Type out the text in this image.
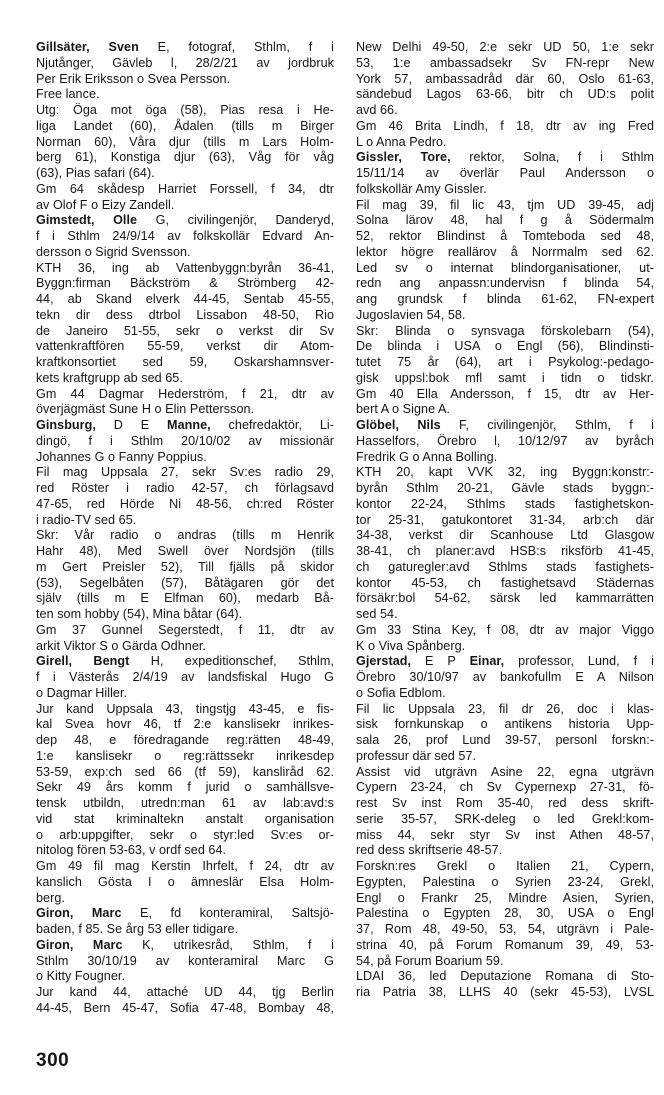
Gillsäter, Sven E, fotograf, Sthlm, f i
Njutånger, Gävleb l, 28/2/21 av jordbruk
Per Erik Eriksson o Svea Persson.
Free lance.
Utg: Öga mot öga (58), Pias resa i He-
liga Landet (60), Ådalen (tills m Birger
Norman 60), Våra djur (tills m Lars Holm-
berg 61), Konstiga djur (63), Våg för våg
(63), Pias safari (64).
Gm 64 skådesp Harriet Forssell, f 34, dtr
av Olof F o Eizy Zandell.
Gimstedt, Olle G, civilingenjör, Danderyd,
f i Sthlm 24/9/14 av folkskollär Edvard An-
dersson o Sigrid Svensson.
KTH 36, ing ab Vattenbyggn:byrån 36-41,
Byggn:firman Bäckström & Strömberg 42-
44, ab Skand elverk 44-45, Sentab 45-55,
tekn dir dess dtrbol Lissabon 48-50, Rio
de Janeiro 51-55, sekr o verkst dir Sv
vattenkraftfören 55-59, verkst dir Atom-
kraftkonsortiet sed 59, Oskarshamnsver-
kets kraftgrupp ab sed 65.
Gm 44 Dagmar Hederström, f 21, dtr av
överjägmäst Sune H o Elin Pettersson.
Ginsburg, D E Manne, chefredaktör, Li-
dingö, f i Sthlm 20/10/02 av missionär
Johannes G o Fanny Poppius.
Fil mag Uppsala 27, sekr Sv:es radio 29,
red Röster i radio 42-57, ch förlagsavd
47-65, red Hörde Ni 48-56, ch:red Röster
i radio-TV sed 65.
Skr: Vår radio o andras (tills m Henrik
Hahr 48), Med Swell över Nordsjön (tills
m Gert Preisler 52), Till fjälls på skidor
(53), Segelbåten (57), Båtägaren gör det
själv (tills m E Elfman 60), medarb Bå-
ten som hobby (54), Mina båtar (64).
Gm 37 Gunnel Segerstedt, f 11, dtr av
arkit Viktor S o Gärda Odhner.
Girell, Bengt H, expeditionschef, Sthlm,
f i Västerås 2/4/19 av landsfiskal Hugo G
o Dagmar Hiller.
Jur kand Uppsala 43, tingstjg 43-45, e fis-
kal Svea hovr 46, tf 2:e kanslisekr inrikes-
dep 48, e föredragande reg:rätten 48-49,
1:e kanslisekr o reg:rättssekr inrikesdep
53-59, exp:ch sed 66 (tf 59), kansliråd 62.
Sekr 49 års komm f jurid o samhällsve-
tensk utbildn, utredn:man 61 av lab:avd:s
vid stat kriminaltekn anstalt organisation
o arb:uppgifter, sekr o styr:led Sv:es or-
nitolog fören 53-63, v ordf sed 64.
Gm 49 fil mag Kerstin Ihrfelt, f 24, dtr av
kanslich Gösta I o ämneslär Elsa Holm-
berg.
Giron, Marc E, fd konteramiral, Saltsjö-
baden, f 85. Se årg 53 eller tidigare.
Giron, Marc K, utrikesråd, Sthlm, f i
Sthlm 30/10/19 av konteramiral Marc G
o Kitty Fougner.
Jur kand 44, attaché UD 44, tjg Berlin
44-45, Bern 45-47, Sofia 47-48, Bombay 48,
New Delhi 49-50, 2:e sekr UD 50, 1:e sekr
53, 1:e ambassadsekr Sv FN-repr New
York 57, ambassadråd där 60, Oslo 61-63,
sändebud Lagos 63-66, bitr ch UD:s polit
avd 66.
Gm 46 Brita Lindh, f 18, dtr av ing Fred
L o Anna Pedro.
Gissler, Tore, rektor, Solna, f i Sthlm
15/11/14 av överlär Paul Andersson o
folkskollär Amy Gissler.
Fil mag 39, fil lic 43, tjm UD 39-45, adj
Solna lärov 48, hal f g å Södermalm
52, rektor Blindinst å Tomteboda sed 48,
lektor högre reallärov å Norrmalm sed 62.
Led sv o internat blindorganisationer, ut-
redn ang anpassn:undervisn f blinda 54,
ang grundsk f blinda 61-62, FN-expert
Jugoslavien 54, 58.
Skr: Blinda o synsvaga förskolebarn (54),
De blinda i USA o Engl (56), Blindinsti-
tutet 75 år (64), art i Psykolog:-pedago-
gisk uppsl:bok mfl samt i tidn o tidskr.
Gm 40 Ella Andersson, f 15, dtr av Her-
bert A o Signe A.
Glöbel, Nils F, civilingenjör, Sthlm, f i
Hasselfors, Örebro l, 10/12/97 av byråch
Fredrik G o Anna Bolling.
KTH 20, kapt VVK 32, ing Byggn:konstr:-
byrån Sthlm 20-21, Gävle stads byggn:-
kontor 22-24, Sthlms stads fastighetskon-
tor 25-31, gatukontoret 31-34, arb:ch där
34-38, verkst dir Scanhouse Ltd Glasgow
38-41, ch planer:avd HSB:s riksförb 41-45,
ch gaturegler:avd Sthlms stads fastighets-
kontor 45-53, ch fastighetsavd Städernas
försäkr:bol 54-62, särsk led kammarrätten
sed 54.
Gm 33 Stina Key, f 08, dtr av major Viggo
K o Viva Spånberg.
Gjerstad, E P Einar, professor, Lund, f i
Örebro 30/10/97 av bankofullm E A Nilson
o Sofia Edblom.
Fil lic Uppsala 23, fil dr 26, doc i klas-
sisk fornkunskap o antikens historia Upp-
sala 26, prof Lund 39-57, personl forskn:-
professur där sed 57.
Assist vid utgrävn Asine 22, egna utgrävn
Cypern 23-24, ch Sv Cypernexp 27-31, fö-
rest Sv inst Rom 35-40, red dess skrift-
serie 35-57, SRK-deleg o led Grekl:kom-
miss 44, sekr styr Sv inst Athen 48-57,
red dess skriftserie 48-57.
Forskn:res Grekl o Italien 21, Cypern,
Egypten, Palestina o Syrien 23-24, Grekl,
Engl o Frankr 25, Mindre Asien, Syrien,
Palestina o Egypten 28, 30, USA o Engl
37, Rom 48, 49-50, 53, 54, utgrävn i Pale-
strina 40, på Forum Romanum 39, 49, 53-
54, på Forum Boarium 59.
LDAI 36, led Deputazione Romana di Sto-
ria Patria 38, LLHS 40 (sekr 45-53), LVSL
300
